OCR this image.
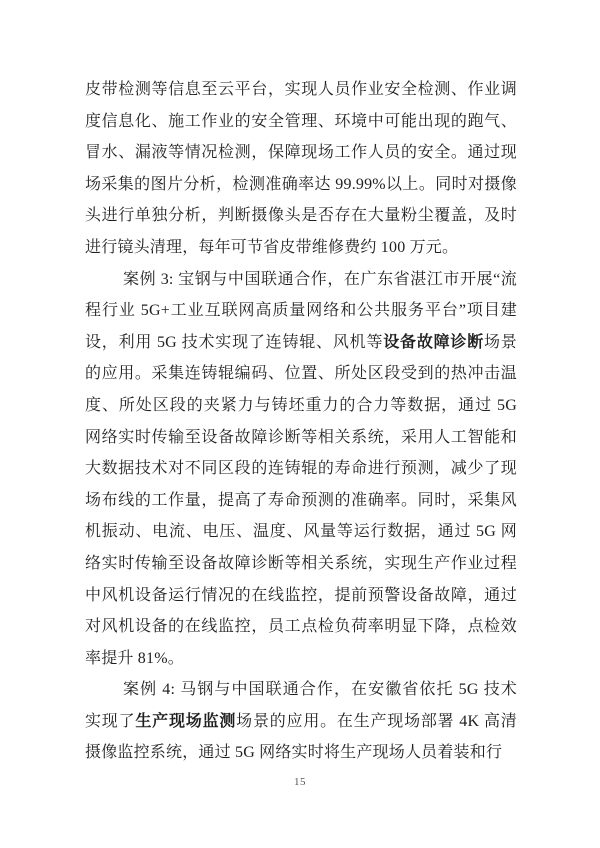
皮带检测等信息至云平台，实现人员作业安全检测、作业调
度信息化、施工作业的安全管理、环境中可能出现的跑气、
冒水、漏液等情况检测，保障现场工作人员的安全。通过现
场采集的图片分析，检测准确率达 99.99%以上。同时对摄像
头进行单独分析，判断摄像头是否存在大量粉尘覆盖，及时
进行镜头清理，每年可节省皮带维修费约 100 万元。
案例 3: 宝钢与中国联通合作，在广东省湛江市开展“流
程行业 5G+工业互联网高质量网络和公共服务平台”项目建
设，利用 5G 技术实现了连铸辊、风机等设备故障诊断场景
的应用。采集连铸辊编码、位置、所处区段受到的热冲击温
度、所处区段的夹紧力与铸坯重力的合力等数据，通过 5G
网络实时传输至设备故障诊断等相关系统，采用人工智能和
大数据技术对不同区段的连铸辊的寿命进行预测，减少了现
场布线的工作量，提高了寿命预测的准确率。同时，采集风
机振动、电流、电压、温度、风量等运行数据，通过 5G 网
络实时传输至设备故障诊断等相关系统，实现生产作业过程
中风机设备运行情况的在线监控，提前预警设备故障，通过
对风机设备的在线监控，员工点检负荷率明显下降，点检效
率提升 81%。
案例 4: 马钢与中国联通合作，在安徽省依托 5G 技术
实现了生产现场监测场景的应用。在生产现场部署 4K 高清
摄像监控系统，通过 5G 网络实时将生产现场人员着装和行
15
